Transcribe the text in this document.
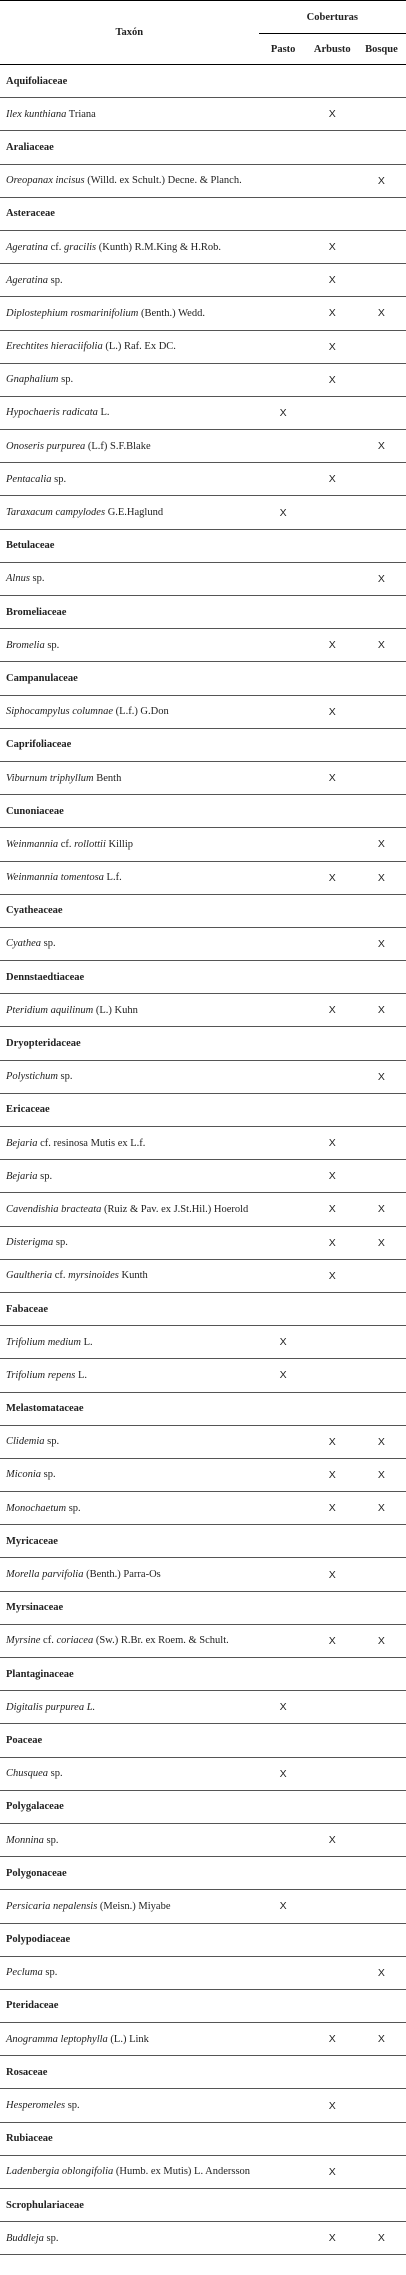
Taxón	Coberturas		
	Pasto	Arbusto	Bosque
Aquifoliaceae			
Ilex kunthiana Triana		X	
Araliaceae			
Oreopanax incisus (Willd. ex Schult.) Decne. & Planch.			X
Asteraceae			
Ageratina cf. gracilis (Kunth) R.M.King & H.Rob.		X	
Ageratina sp.		X	
Diplostephium rosmarinifolium (Benth.) Wedd.		X	X
Erechtites hieraciifolia (L.) Raf. Ex DC.		X	
Gnaphalium sp.		X	
Hypochaeris radicata L.	X		
Onoseris purpurea (L.f) S.F.Blake			X
Pentacalia sp.		X	
Taraxacum campylodes G.E.Haglund	X		
Betulaceae			
Alnus sp.			X
Bromeliaceae			
Bromelia sp.		X	X
Campanulaceae			
Siphocampylus columnae (L.f.) G.Don		X	
Caprifoliaceae			
Viburnum triphyllum Benth		X	
Cunoniaceae			
Weinmannia cf. rollottii Killip			X
Weinmannia tomentosa L.f.		X	X
Cyatheaceae			
Cyathea sp.			X
Dennstaedtiaceae			
Pteridium aquilinum (L.) Kuhn		X	X
Dryopteridaceae			
Polystichum sp.			X
Ericaceae			
Bejaria cf. resinosa Mutis ex L.f.		X	
Bejaria sp.		X	
Cavendishia bracteata (Ruiz & Pav. ex J.St.Hil.) Hoerold		X	X
Disterigma sp.		X	X
Gaultheria cf. myrsinoides Kunth		X	
Fabaceae			
Trifolium medium L.	X		
Trifolium repens L.	X		
Melastomataceae			
Clidemia sp.		X	X
Miconia sp.		X	X
Monochaetum sp.		X	X
Myricaceae			
Morella parvifolia (Benth.) Parra-Os		X	
Myrsinaceae			
Myrsine cf. coriacea (Sw.) R.Br. ex Roem. & Schult.		X	X
Plantaginaceae			
Digitalis purpurea L.	X		
Poaceae			
Chusquea sp.	X		
Polygalaceae			
Monnina sp.		X	
Polygonaceae			
Persicaria nepalensis (Meisn.) Miyabe	X		
Polypodiaceae			
Pecluma sp.			X
Pteridaceae			
Anogramma leptophylla (L.) Link		X	X
Rosaceae			
Hesperomeles sp.		X	
Rubiaceae			
Ladenbergia oblongifolia (Humb. ex Mutis) L. Andersson		X	
Scrophulariaceae			
Buddleja sp.		X	X
